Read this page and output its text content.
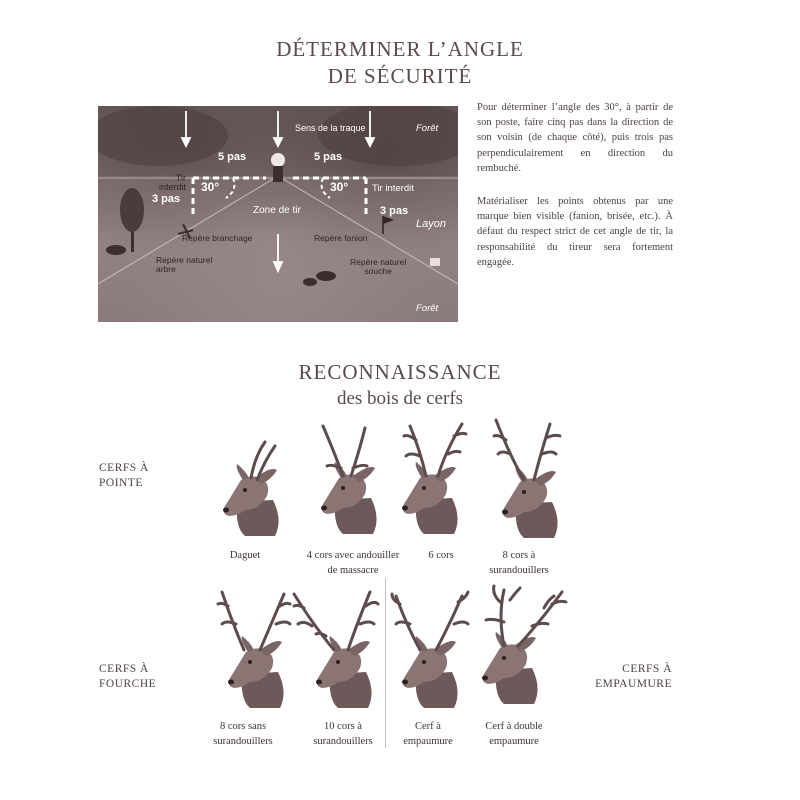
DÉTERMINER L’ANGLE
DE SÉCURITÉ
Sens de la traque	Forêt
5 pas	5 pas
30°	30°
Tir
interdit
3 pas
Tir interdit
3 pas
Zone de tir
Layon
Repère branchage	Repère fanion
Repère naturel
arbre
Repère naturel
souche
Forêt
Pour déterminer l’angle des 30°, à partir de son poste, faire cinq pas dans la direction de son voisin (de chaque côté), puis trois pas perpendiculairement en direction du rembuché.
Matérialiser les points obtenus par une marque bien visible (fanion, brisée, etc.). À défaut du respect strict de cet angle de tir, la responsabilité du tireur sera fortement engagée.
RECONNAISSANCE
des bois de cerfs
CERFS À
POINTE
CERFS À
FOURCHE
CERFS À
EMPAUMURE
Daguet	4 cors avec andouiller
de massacre
6 cors	8 cors à
surandouillers
8 cors sans
surandouillers
10 cors à
surandouillers
Cerf à
empaumure
Cerf à double
empaumure
